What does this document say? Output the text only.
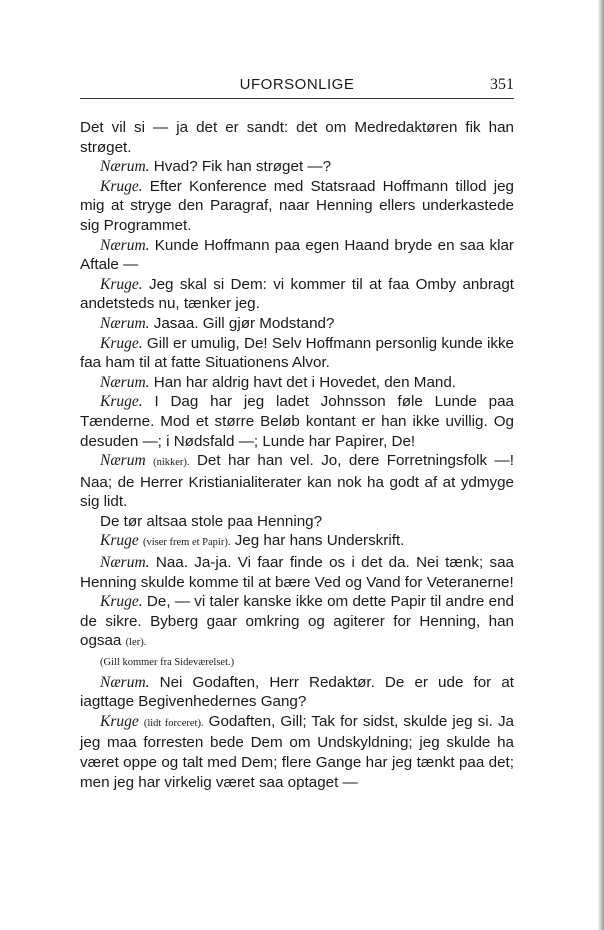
UFORSONLIGE	351

Det vil si — ja det er sandt: det om Medredaktøren fik han strøget.

Nærum. Hvad? Fik han strøget —?

Kruge. Efter Konference med Statsraad Hoffmann tillod jeg mig at stryge den Paragraf, naar Henning ellers underkastede sig Programmet.

Nærum. Kunde Hoffmann paa egen Haand bryde en saa klar Aftale —

Kruge. Jeg skal si Dem: vi kommer til at faa Omby anbragt andetsteds nu, tænker jeg.

Nærum. Jasaa. Gill gjør Modstand?

Kruge. Gill er umulig, De! Selv Hoffmann personlig kunde ikke faa ham til at fatte Situationens Alvor.

Nærum. Han har aldrig havt det i Hovedet, den Mand.

Kruge. I Dag har jeg ladet Johnsson føle Lunde paa Tænderne. Mod et større Beløb kontant er han ikke uvillig. Og desuden —; i Nødsfald —; Lunde har Papirer, De!

Nærum (nikker). Det har han vel. Jo, dere Forretningsfolk —! Naa; de Herrer Kristianialiterater kan nok ha godt af at ydmyge sig lidt.

De tør altsaa stole paa Henning?

Kruge (viser frem et Papir). Jeg har hans Underskrift.

Nærum. Naa. Ja-ja. Vi faar finde os i det da. Nei tænk; saa Henning skulde komme til at bære Ved og Vand for Veteranerne!

Kruge. De, — vi taler kanske ikke om dette Papir til andre end de sikre. Byberg gaar omkring og agiterer for Henning, han ogsaa (ler).

(Gill kommer fra Sideværelset.)

Nærum. Nei Godaften, Herr Redaktør. De er ude for at iagttage Begivenhedernes Gang?

Kruge (lidt forceret). Godaften, Gill; Tak for sidst, skulde jeg si. Ja jeg maa forresten bede Dem om Undskyldning; jeg skulde ha været oppe og talt med Dem; flere Gange har jeg tænkt paa det; men jeg har virkelig været saa optaget —
